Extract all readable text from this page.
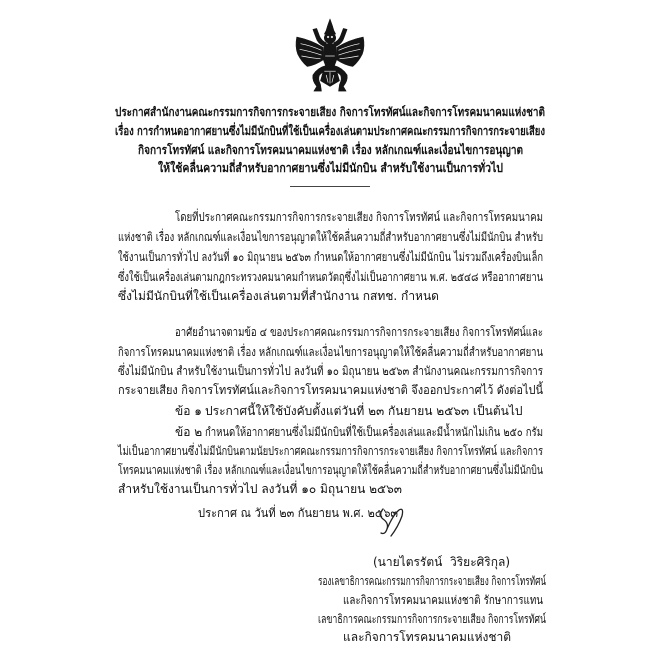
ประกาศสำนักงานคณะกรรมการกิจการกระจายเสียง กิจการโทรทัศน์และกิจการโทรคมนาคมแห่งชาติ
เรื่อง การกำหนดอากาศยานซึ่งไม่มีนักบินที่ใช้เป็นเครื่องเล่นตามประกาศคณะกรรมการกิจการกระจายเสียง
กิจการโทรทัศน์ และกิจการโทรคมนาคมแห่งชาติ เรื่อง หลักเกณฑ์และเงื่อนไขการอนุญาต
ให้ใช้คลื่นความถี่สำหรับอากาศยานซึ่งไม่มีนักบิน สำหรับใช้งานเป็นการทั่วไป
โดยที่ประกาศคณะกรรมการกิจการกระจายเสียง กิจการโทรทัศน์ และกิจการโทรคมนาคม
แห่งชาติ เรื่อง หลักเกณฑ์และเงื่อนไขการอนุญาตให้ใช้คลื่นความถี่สำหรับอากาศยานซึ่งไม่มีนักบิน สำหรับ
ใช้งานเป็นการทั่วไป ลงวันที่ ๑๐ มิถุนายน ๒๕๖๓ กำหนดให้อากาศยานซึ่งไม่มีนักบิน ไม่รวมถึงเครื่องบินเล็ก
ซึ่งใช้เป็นเครื่องเล่นตามกฎกระทรวงคมนาคมกำหนดวัตถุซึ่งไม่เป็นอากาศยาน พ.ศ. ๒๕๔๘ หรืออากาศยาน
ซึ่งไม่มีนักบินที่ใช้เป็นเครื่องเล่นตามที่สำนักงาน กสทช. กำหนด
อาศัยอำนาจตามข้อ ๔ ของประกาศคณะกรรมการกิจการกระจายเสียง กิจการโทรทัศน์และ
กิจการโทรคมนาคมแห่งชาติ เรื่อง หลักเกณฑ์และเงื่อนไขการอนุญาตให้ใช้คลื่นความถี่สำหรับอากาศยาน
ซึ่งไม่มีนักบิน สำหรับใช้งานเป็นการทั่วไป ลงวันที่ ๑๐ มิถุนายน ๒๕๖๓ สำนักงานคณะกรรมการกิจการ
กระจายเสียง กิจการโทรทัศน์และกิจการโทรคมนาคมแห่งชาติ จึงออกประกาศไว้ ดังต่อไปนี้
ข้อ ๑ ประกาศนี้ให้ใช้บังคับตั้งแต่วันที่ ๒๓ กันยายน ๒๕๖๓ เป็นต้นไป
ข้อ ๒ กำหนดให้อากาศยานซึ่งไม่มีนักบินที่ใช้เป็นเครื่องเล่นและมีน้ำหนักไม่เกิน ๒๕๐ กรัม
ไม่เป็นอากาศยานซึ่งไม่มีนักบินตามนัยประกาศคณะกรรมการกิจการกระจายเสียง กิจการโทรทัศน์ และกิจการ
โทรคมนาคมแห่งชาติ เรื่อง หลักเกณฑ์และเงื่อนไขการอนุญาตให้ใช้คลื่นความถี่สำหรับอากาศยานซึ่งไม่มีนักบิน
สำหรับใช้งานเป็นการทั่วไป ลงวันที่ ๑๐ มิถุนายน ๒๕๖๓
ประกาศ ณ วันที่ ๒๓ กันยายน พ.ศ. ๒๕๖๓
(นายไตรรัตน์  วิริยะศิริกุล)
รองเลขาธิการคณะกรรมการกิจการกระจายเสียง กิจการโทรทัศน์
และกิจการโทรคมนาคมแห่งชาติ รักษาการแทน
เลขาธิการคณะกรรมการกิจการกระจายเสียง กิจการโทรทัศน์
และกิจการโทรคมนาคมแห่งชาติ
